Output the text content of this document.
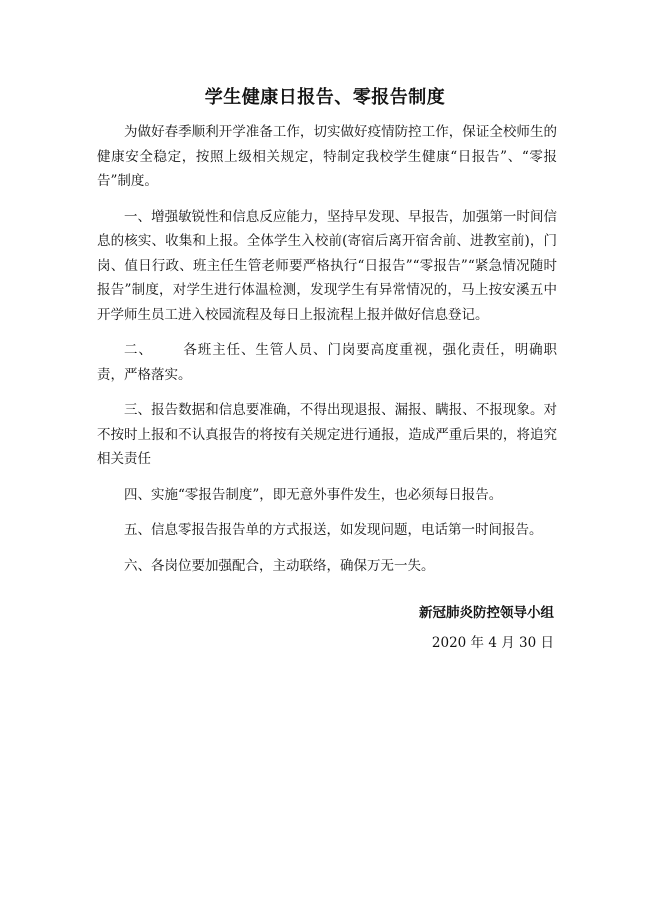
学生健康日报告、零报告制度

为做好春季顺利开学准备工作，切实做好疫情防控工作，保证全校师生的健康安全稳定，按照上级相关规定，特制定我校学生健康“日报告”、“零报告”制度。

一、增强敏锐性和信息反应能力，坚持早发现、早报告，加强第一时间信息的核实、收集和上报。全体学生入校前(寄宿后离开宿舍前、进教室前)，门岗、值日行政、班主任生管老师要严格执行“日报告”“零报告”“紧急情况随时报告”制度，对学生进行体温检测，发现学生有异常情况的，马上按安溪五中开学师生员工进入校园流程及每日上报流程上报并做好信息登记。

二、 各班主任、生管人员、门岗要高度重视，强化责任，明确职责，严格落实。

三、报告数据和信息要准确，不得出现退报、漏报、瞒报、不报现象。对不按时上报和不认真报告的将按有关规定进行通报，造成严重后果的，将追究相关责任

四、实施“零报告制度”，即无意外事件发生，也必须每日报告。

五、信息零报告报告单的方式报送，如发现问题，电话第一时间报告。

六、各岗位要加强配合，主动联络，确保万无一失。

新冠肺炎防控领导小组
2020 年 4 月 30 日
